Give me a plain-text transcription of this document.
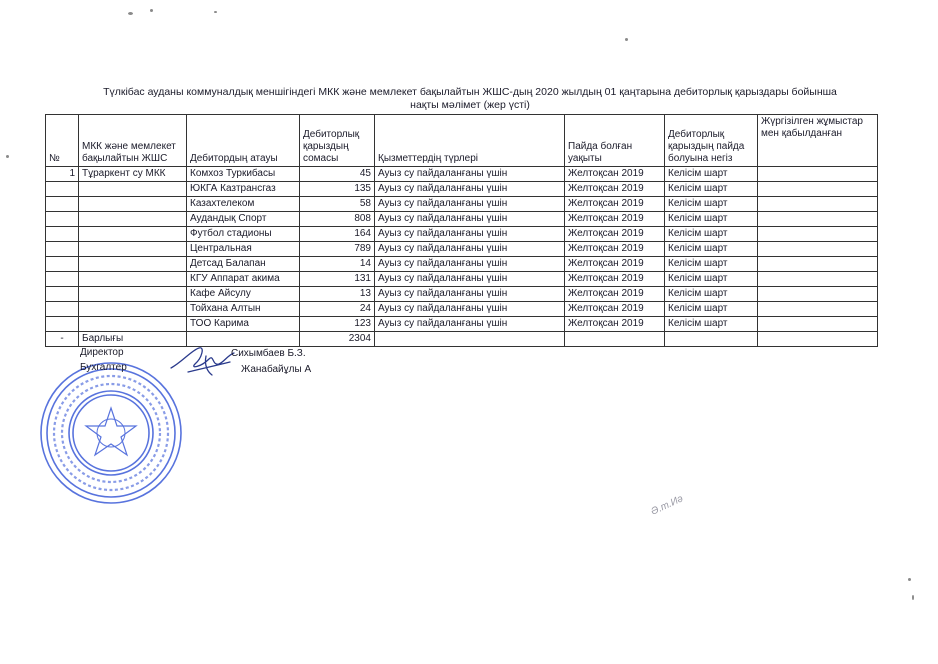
Түлкібас ауданы коммуналдық меншігіндегі МКК және мемлекет бақылайтын ЖШС-дың 2020 жылдың 01 қаңтарына дебиторлық қарыздары бойынша
нақты мәлімет (жер үсті)
№	МКК және мемлекет бақылайтын ЖШС	Дебитордың атауы	Дебиторлық қарыздың сомасы	Қызметтердің түрлері	Пайда болған уақыты	Дебиторлық қарыздың пайда болуына негіз	Жүргізілген жұмыстар мен қабылданған
1	Тұраркент су МКК	Комхоз Туркибасы	45	Ауыз су пайдаланғаны үшін	Желтоқсан 2019	Келісім шарт	
		ЮКГА Казтрансгаз	135	Ауыз су пайдаланғаны үшін	Желтоқсан 2019	Келісім шарт	
		Казахтелеком	58	Ауыз су пайдаланғаны үшін	Желтоқсан 2019	Келісім шарт	
		Аудандық Спорт	808	Ауыз су пайдаланғаны үшін	Желтоқсан 2019	Келісім шарт	
		Футбол стадионы	164	Ауыз су пайдаланғаны үшін	Желтоқсан 2019	Келісім шарт	
		Центральная	789	Ауыз су пайдаланғаны үшін	Желтоқсан 2019	Келісім шарт	
		Детсад Балапан	14	Ауыз су пайдаланғаны үшін	Желтоқсан 2019	Келісім шарт	
		КГУ Аппарат акима	131	Ауыз су пайдаланғаны үшін	Желтоқсан 2019	Келісім шарт	
		Кафе Айсулу	13	Ауыз су пайдаланғаны үшін	Желтоқсан 2019	Келісім шарт	
		Тойхана Алтын	24	Ауыз су пайдаланғаны үшін	Желтоқсан 2019	Келісім шарт	
		ТОО Карима	123	Ауыз су пайдаланғаны үшін	Желтоқсан 2019	Келісім шарт	
-	Барлығы		2304				
Директор	Сихымбаев Б.З.
Бухгалтер	Жанабайұлы А
Ә.т.Иә
